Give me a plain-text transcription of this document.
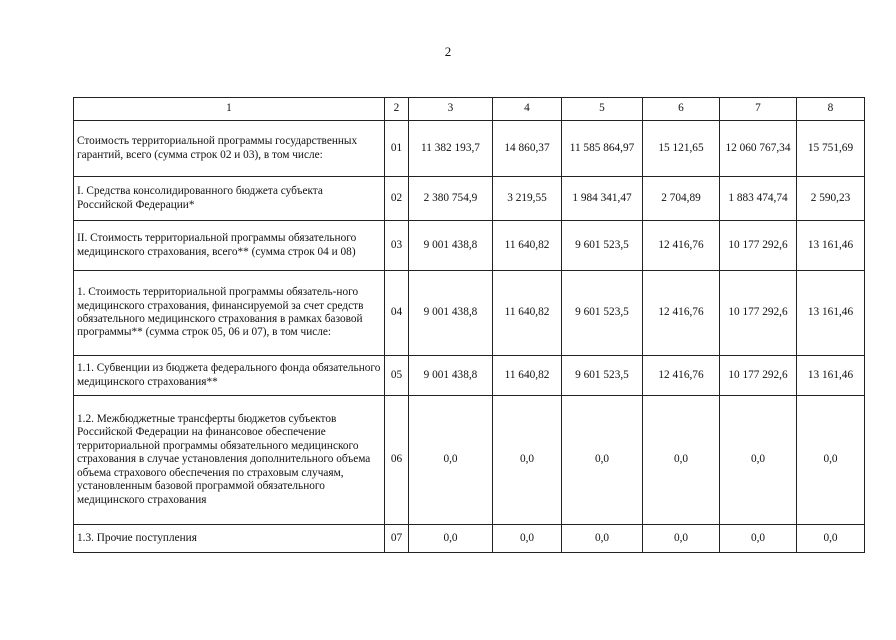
2
1	2	3	4	5	6	7	8
Стоимость территориальной программы государственных гарантий, всего (сумма строк 02 и 03), в том числе:	01	11 382 193,7	14 860,37	11 585 864,97	15 121,65	12 060 767,34	15 751,69
I. Средства консолидированного бюджета субъекта Российской Федерации*	02	2 380 754,9	3 219,55	1 984 341,47	2 704,89	1 883 474,74	2 590,23
II. Стоимость территориальной программы обязательного медицинского страхования, всего** (сумма строк 04 и 08)	03	9 001 438,8	11 640,82	9 601 523,5	12 416,76	10 177 292,6	13 161,46
1. Стоимость территориальной программы обязатель-ного медицинского страхования, финансируемой за счет средств обязательного медицинского страхования в рамках базовой программы** (сумма строк 05, 06 и 07), в том числе:	04	9 001 438,8	11 640,82	9 601 523,5	12 416,76	10 177 292,6	13 161,46
1.1. Субвенции из бюджета федерального фонда обязательного медицинского страхования**	05	9 001 438,8	11 640,82	9 601 523,5	12 416,76	10 177 292,6	13 161,46
1.2. Межбюджетные трансферты бюджетов субъектов Российской Федерации на финансовое обеспечение территориальной программы обязательного медицинского страхования в случае установления дополнительного объема объема страхового обеспечения по страховым случаям, установленным базовой программой обязательного медицинского страхования	06	0,0	0,0	0,0	0,0	0,0	0,0
1.3. Прочие поступления	07	0,0	0,0	0,0	0,0	0,0	0,0
